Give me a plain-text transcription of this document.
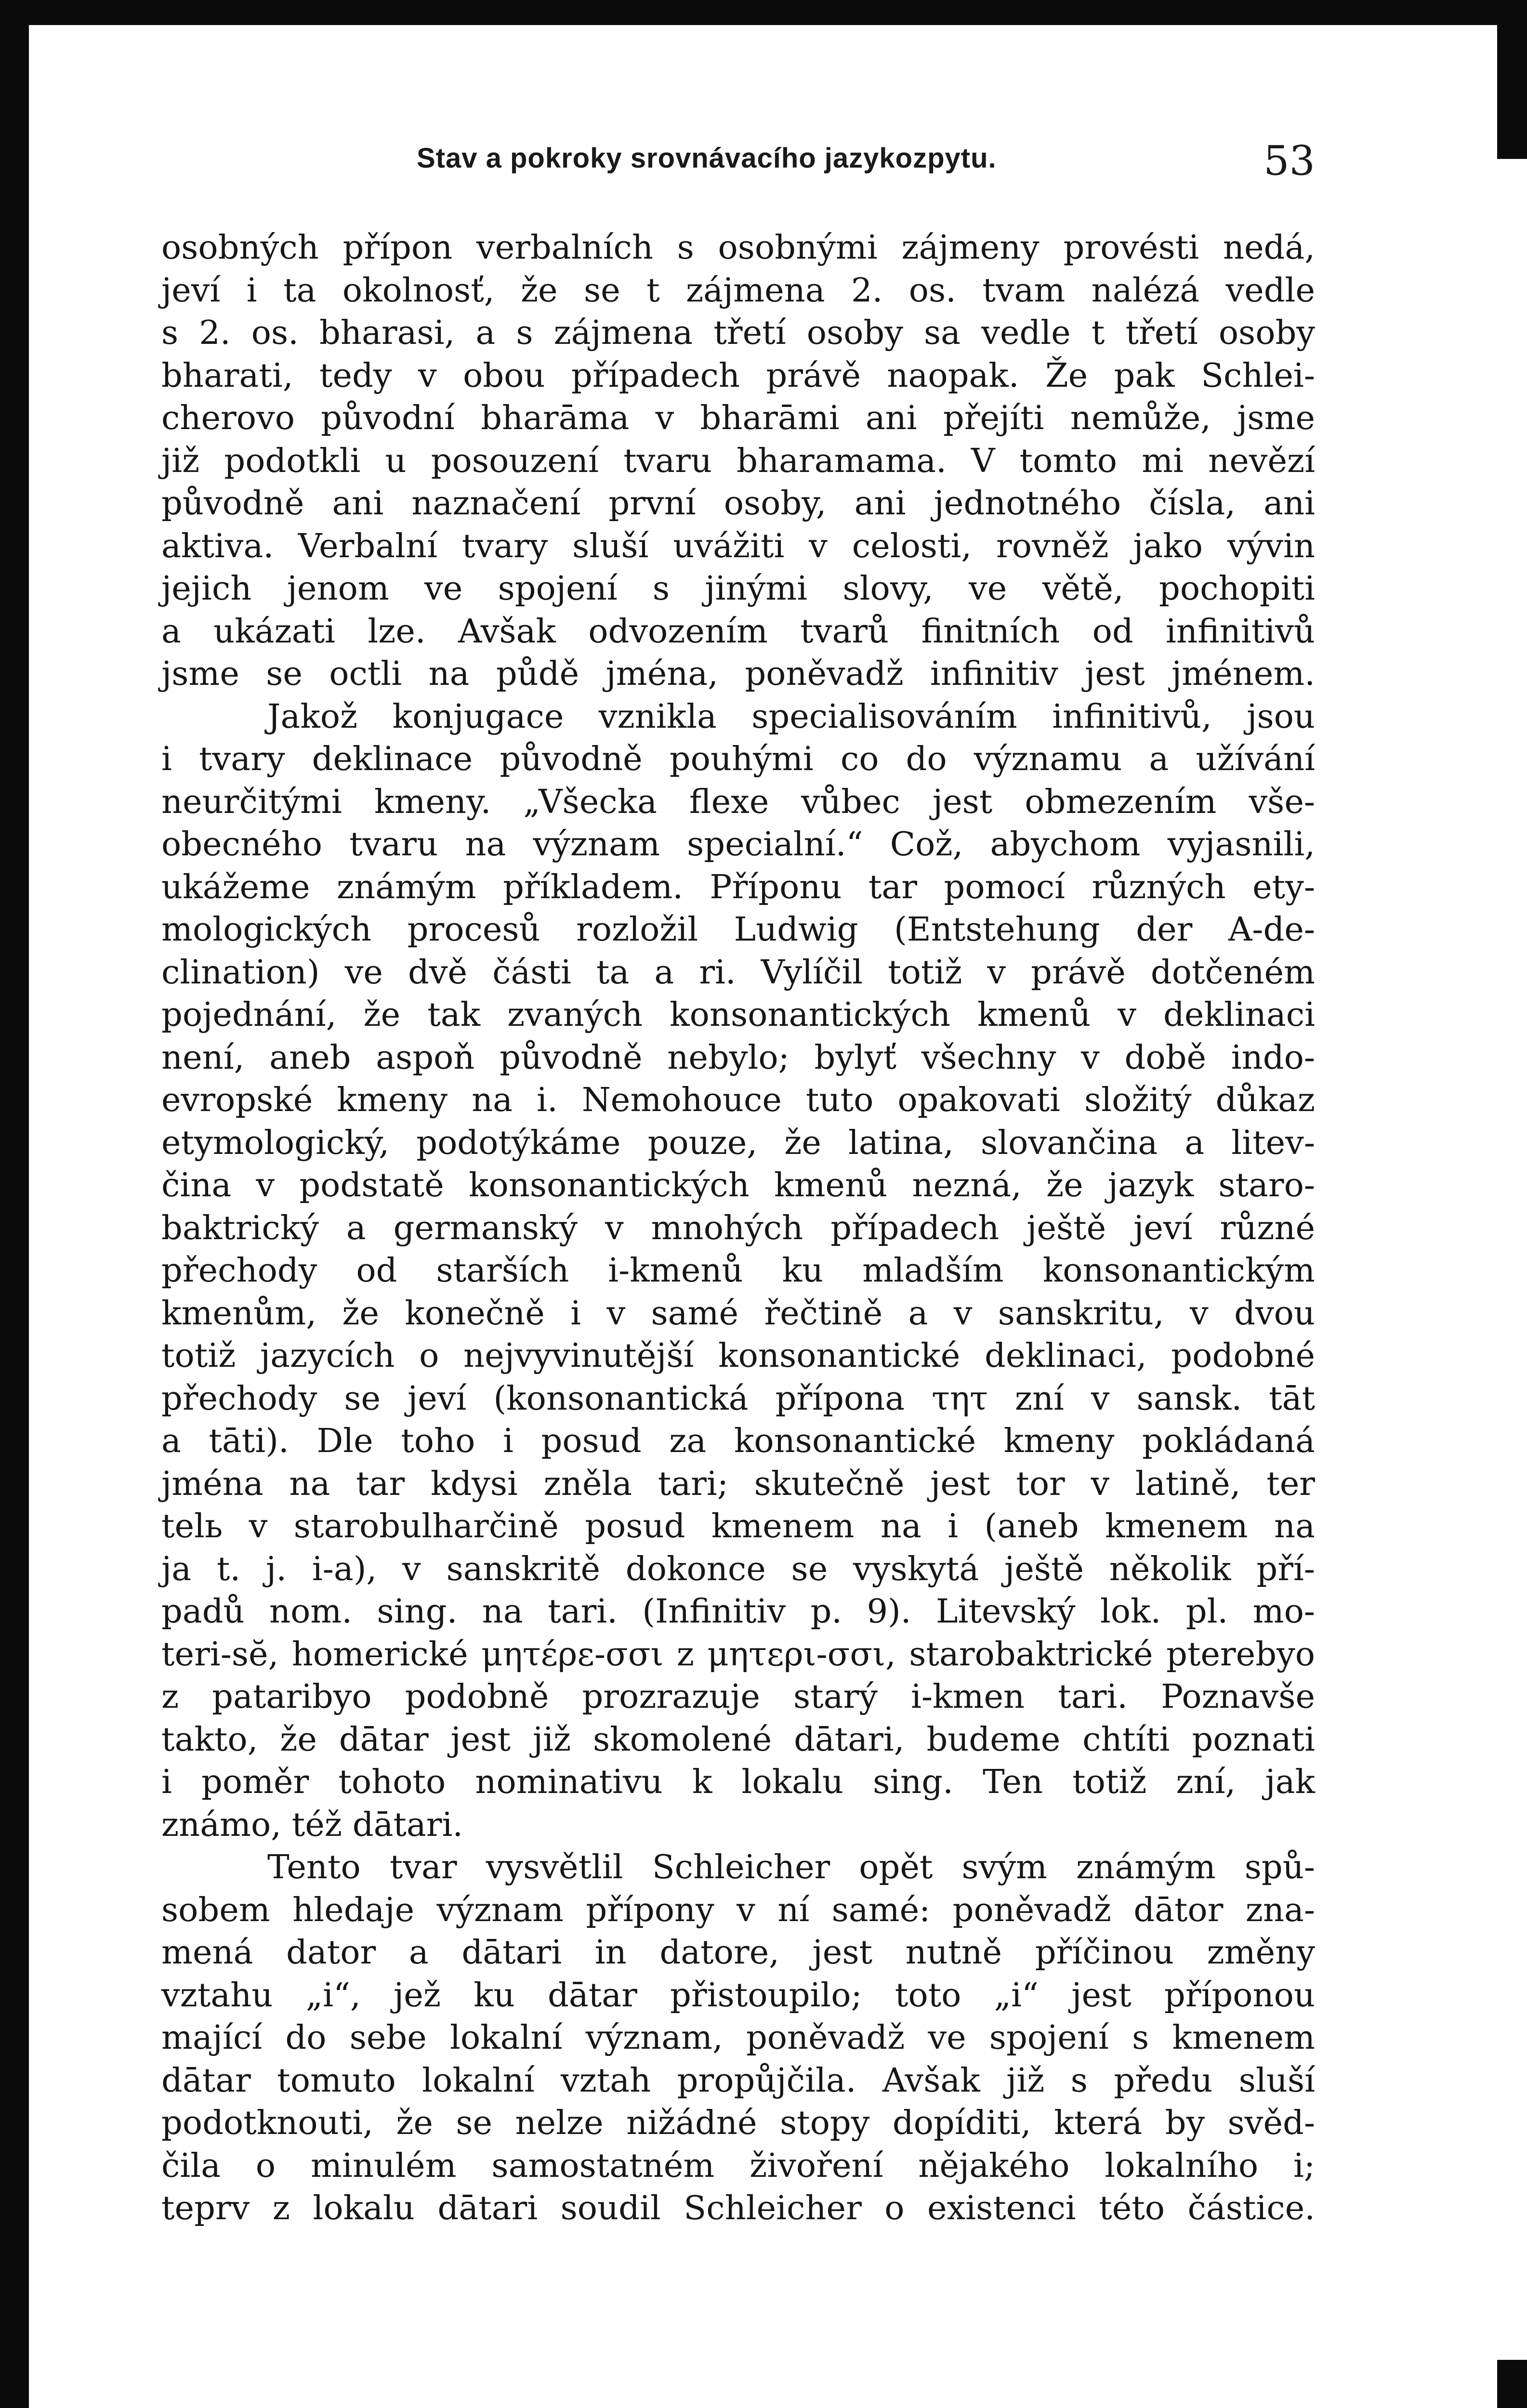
Stav a pokroky srovnávacího jazykozpytu.	53
osobných přípon verbalních s osobnými zájmeny provésti nedá,
jeví i ta okolnosť, že se t zájmena 2. os. tvam nalézá vedle
s 2. os. bharasi, a s zájmena třetí osoby sa vedle t třetí osoby
bharati, tedy v obou případech právě naopak. Že pak Schlei-
cherovo původní bharāma v bharāmi ani přejíti nemůže, jsme
již podotkli u posouzení tvaru bharamama. V tomto mi nevězí
původně ani naznačení první osoby, ani jednotného čísla, ani
aktiva. Verbalní tvary sluší uvážiti v celosti, rovněž jako vývin
jejich jenom ve spojení s jinými slovy, ve větě, pochopiti
a ukázati lze. Avšak odvozením tvarů finitních od infinitivů
jsme se octli na půdě jména, poněvadž infinitiv jest jménem.
Jakož konjugace vznikla specialisováním infinitivů, jsou
i tvary deklinace původně pouhými co do významu a užívání
neurčitými kmeny. „Všecka flexe vůbec jest obmezením vše-
obecného tvaru na význam specialní.“ Což, abychom vyjasnili,
ukážeme známým příkladem. Příponu tar pomocí různých ety-
mologických procesů rozložil Ludwig (Entstehung der A-de-
clination) ve dvě části ta a ri. Vylíčil totiž v právě dotčeném
pojednání, že tak zvaných konsonantických kmenů v deklinaci
není, aneb aspoň původně nebylo; bylyť všechny v době indo-
evropské kmeny na i. Nemohouce tuto opakovati složitý důkaz
etymologický, podotýkáme pouze, že latina, slovančina a litev-
čina v podstatě konsonantických kmenů nezná, že jazyk staro-
baktrický a germanský v mnohých případech ještě jeví různé
přechody od starších i-kmenů ku mladším konsonantickým
kmenům, že konečně i v samé řečtině a v sanskritu, v dvou
totiž jazycích o nejvyvinutější konsonantické deklinaci, podobné
přechody se jeví (konsonantická přípona τητ zní v sansk. tāt
a tāti). Dle toho i posud za konsonantické kmeny pokládaná
jména na tar kdysi zněla tari; skutečně jest tor v latině, ter
telь v starobulharčině posud kmenem na i (aneb kmenem na
ja t. j. i-a), v sanskritě dokonce se vyskytá ještě několik pří-
padů nom. sing. na tari. (Infinitiv p. 9). Litevský lok. pl. mo-
teri-sĕ, homerické μητέρε-σσι z μητερι-σσι, starobaktrické pterebyo
z pataribyo podobně prozrazuje starý i-kmen tari. Poznavše
takto, že dātar jest již skomolené dātari, budeme chtíti poznati
i poměr tohoto nominativu k lokalu sing. Ten totiž zní, jak
známo, též dātari.
Tento tvar vysvětlil Schleicher opět svým známým spů-
sobem hledaje význam přípony v ní samé: poněvadž dātor zna-
mená dator a dātari in datore, jest nutně příčinou změny
vztahu „i“, jež ku dātar přistoupilo; toto „i“ jest příponou
mající do sebe lokalní význam, poněvadž ve spojení s kmenem
dātar tomuto lokalní vztah propůjčila. Avšak již s předu sluší
podotknouti, že se nelze nižádné stopy dopíditi, která by svěd-
čila o minulém samostatném živoření nějakého lokalního i;
teprv z lokalu dātari soudil Schleicher o existenci této částice.
